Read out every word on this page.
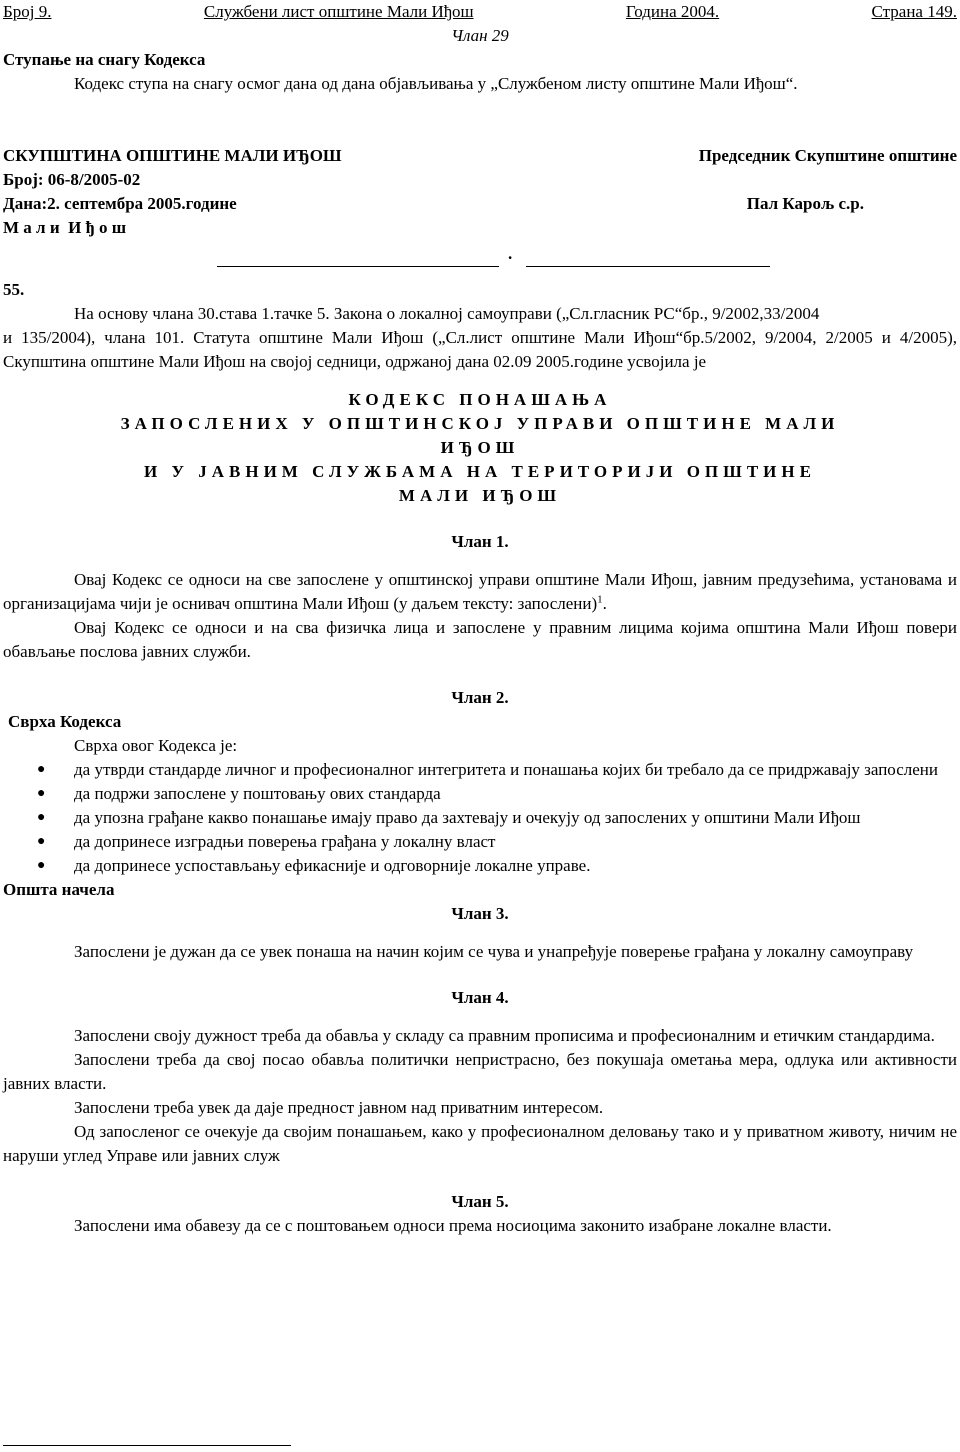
Број 9.	Службени лист општине Мали Иђош	Година 2004.	Страна 149.
Члан 29
Ступање на снагу Кодекса
Кодекс ступа на снагу осмог дана од дана објављивања у „Службеном листу општине Мали Иђош“.
СКУПШТИНА ОПШТИНЕ МАЛИ ИЂОШ	Председник Скупштине општине
Број: 06-8/2005-02
Дана:2. септембра 2005.године	Пал Карољ с.р.
М а л и  И ђ о ш
.
55.
На основу члана 30.става 1.тачке 5. Закона о локалној самоуправи („Сл.гласник РС“бр., 9/2002,33/2004
и 135/2004), члана 101. Статута општине Мали Иђош („Сл.лист општине Мали Иђош“бр.5/2002, 9/2004, 2/2005 и 4/2005), Скупштина општине Мали Иђош на својој седници, одржаној дана 02.09 2005.године усвојила је
КОДЕКС ПОНАШАЊА
ЗАПОСЛЕНИХ У ОПШТИНСКОЈ УПРАВИ ОПШТИНЕ МАЛИ
ИЂОШ
И У ЈАВНИМ СЛУЖБАМА НА ТЕРИТОРИЈИ ОПШТИНЕ
МАЛИ ИЂОШ
Члан 1.
Овај Кодекс се односи на све запослене у општинској управи општине Мали Иђош, јавним предузећима, установама и организацијама чији је оснивач општина Мали Иђош (у даљем тексту: запослени)$^1$.
Овај Кодекс се односи и на сва физичка лица и запослене у правним лицима којима општина Мали Иђош повери обављање послова јавних служби.
Члан 2.
Сврха Кодекса
Сврха овог Кодекса је:
● да утврди стандарде личног и професионалног интегритета и понашања којих би требало да се придржавају запослени
● да подржи запослене у поштовању ових стандарда
● да упозна грађане какво понашање имају право да захтевају и очекују од запослених у општини Мали Иђош
● да допринесе изградњи поверења грађана у локалну власт
● да допринесе успостављању ефикасније и одговорније локалне управе.
Општа начела
Члан 3.
Запослени је дужан да се увек понаша на начин којим се чува и унапређује поверење грађана у локалну самоуправу
Члан 4.
Запослени своју дужност треба да обавља у складу са правним прописима и професионалним и етичким стандардима.
Запослени треба да свој посао обавља политички непристрасно, без покушаја ометања мера, одлука или активности јавних власти.
Запослени треба увек да даје предност јавном над приватним интересом.
Од запосленог се очекује да својим понашањем, како у професионалном деловању тако и у приватном животу, ничим не наруши углед Управе или јавних служ
Члан 5.
Запослени има обавезу да се с поштовањем односи према носиоцима законито изабране локалне власти.
